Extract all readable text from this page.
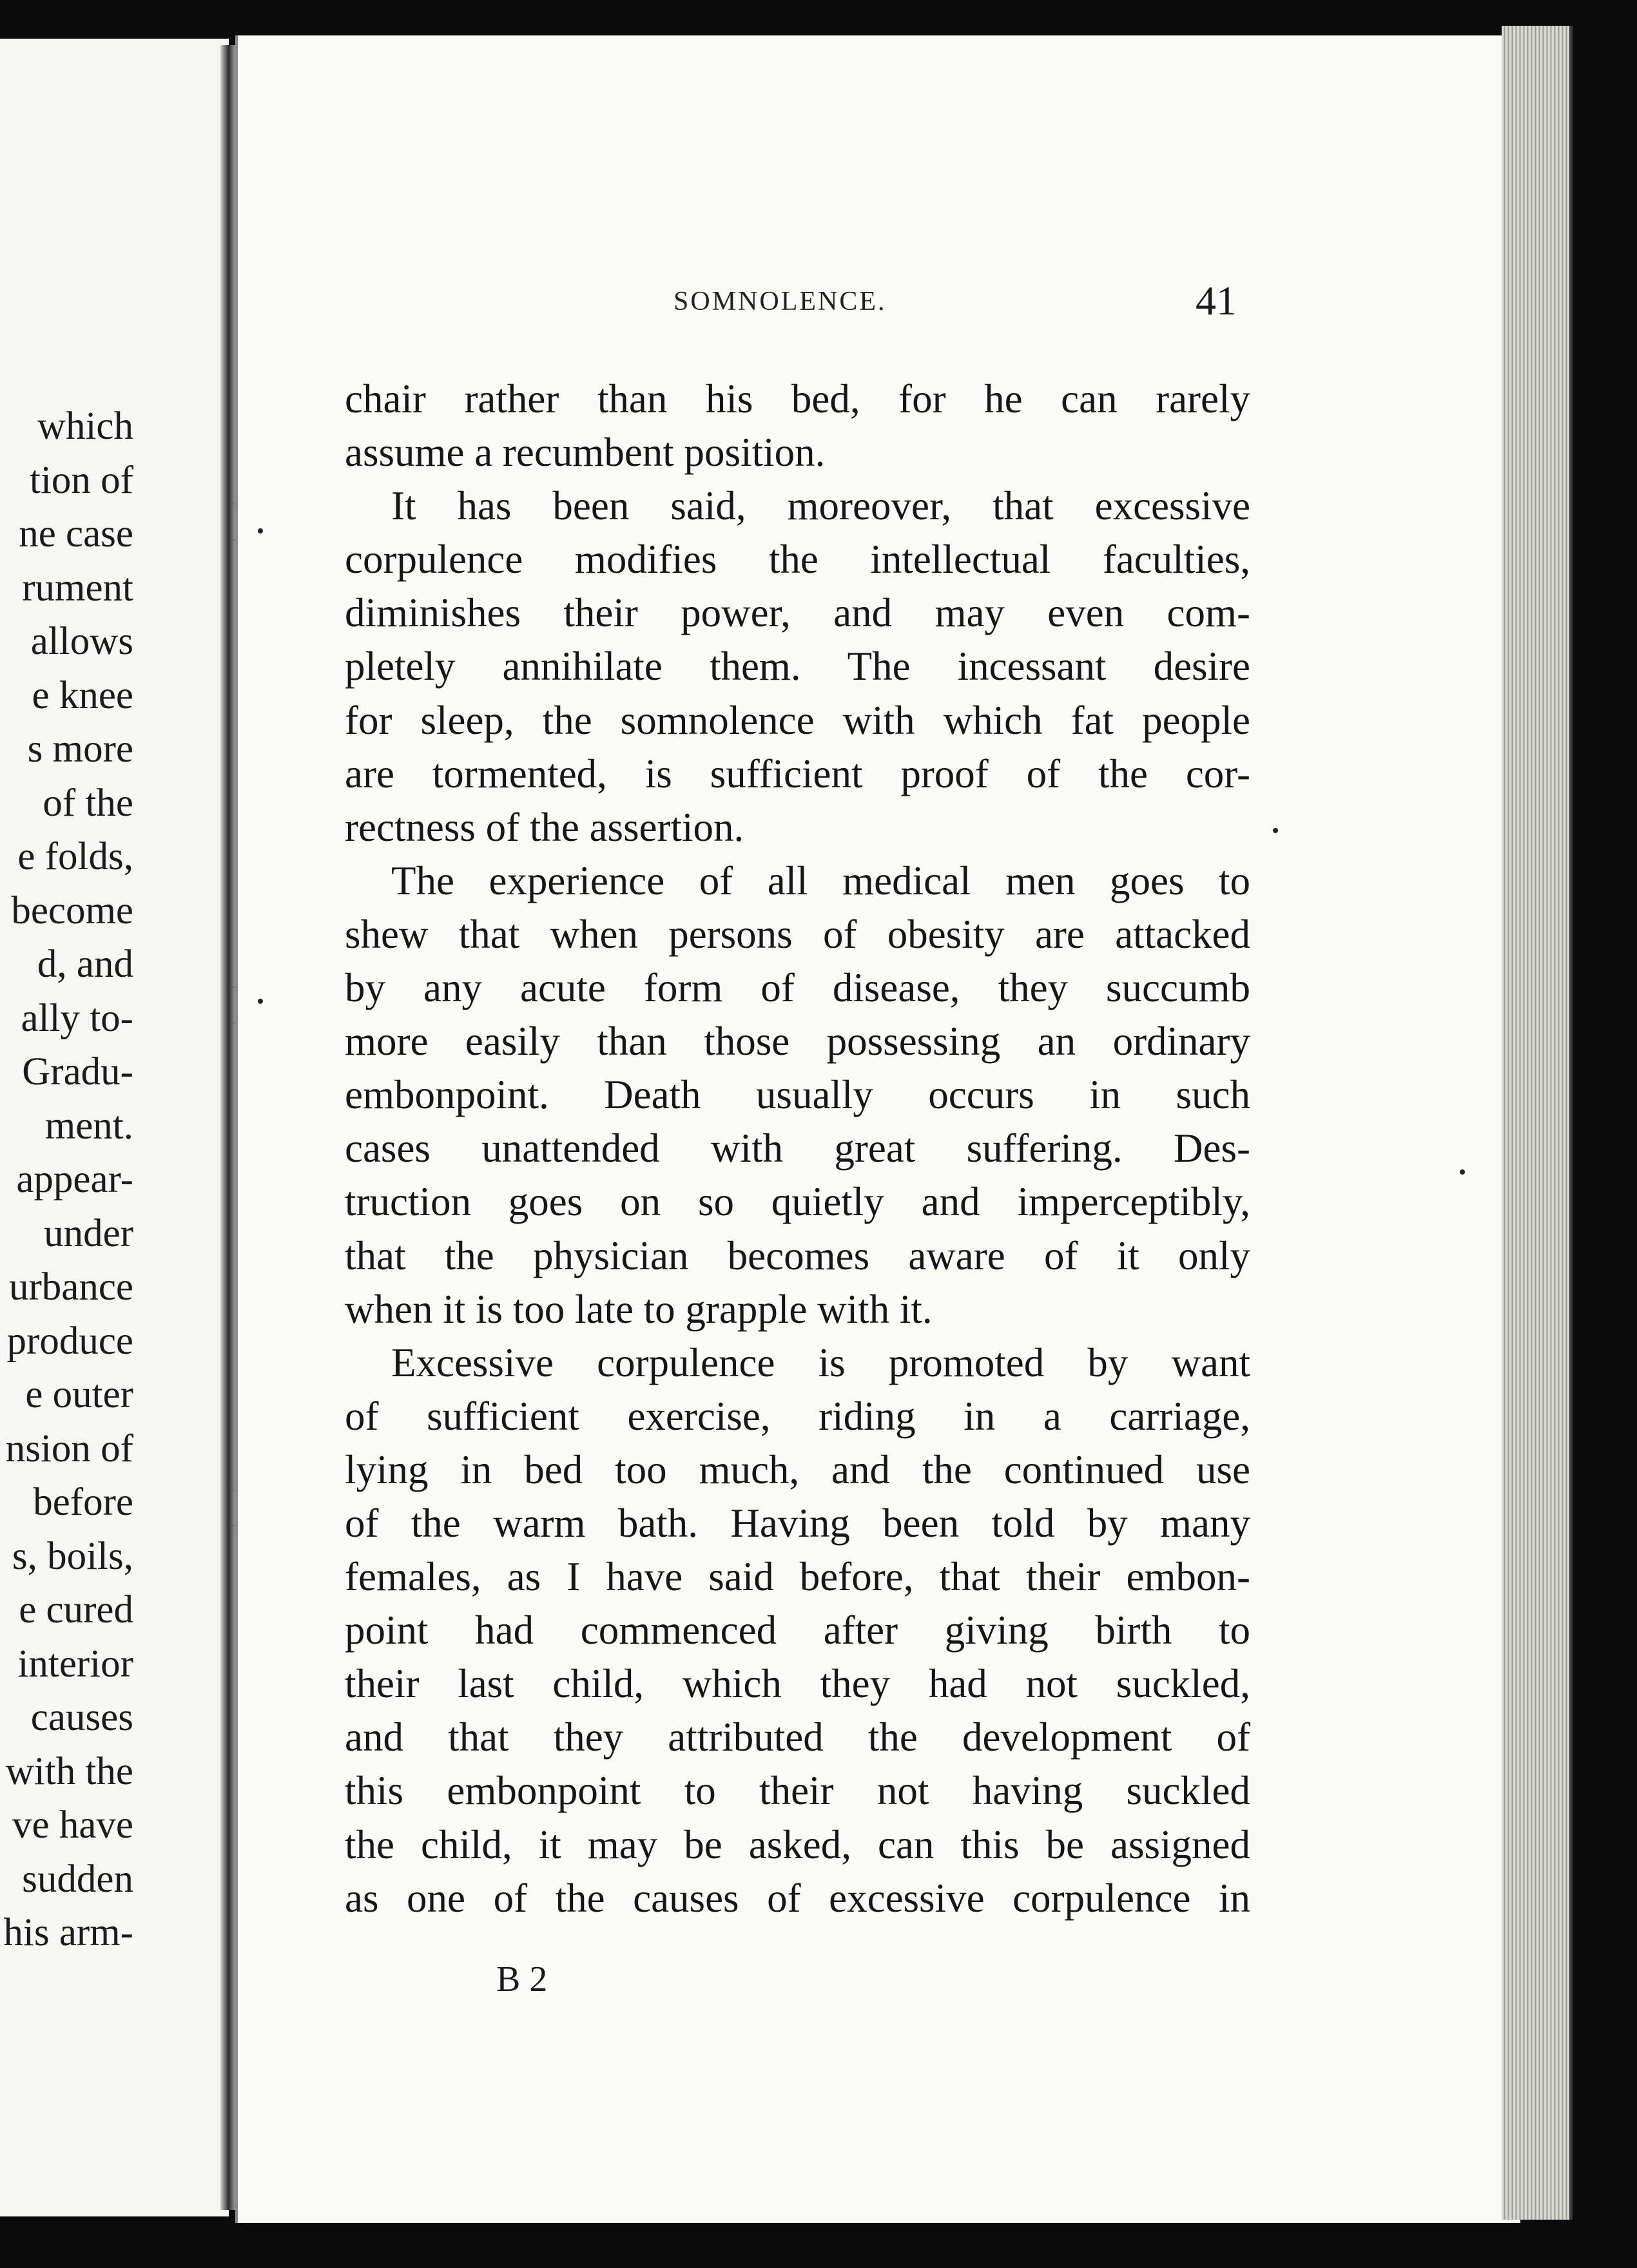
which
tion of
ne case
rument
allows
e knee
s more
of the
e folds,
become
d, and
ally to-
Gradu-
ment.
appear-
under
urbance
produce
e outer
nsion of
before
s, boils,
e cured
interior
causes
with the
ve have
sudden
his arm-
SOMNOLENCE.	41
chair rather than his bed, for he can rarely
assume a recumbent position.
It has been said, moreover, that excessive
corpulence modifies the intellectual faculties,
diminishes their power, and may even com-
pletely annihilate them. The incessant desire
for sleep, the somnolence with which fat people
are tormented, is sufficient proof of the cor-
rectness of the assertion.
The experience of all medical men goes to
shew that when persons of obesity are attacked
by any acute form of disease, they succumb
more easily than those possessing an ordinary
embonpoint. Death usually occurs in such
cases unattended with great suffering. Des-
truction goes on so quietly and imperceptibly,
that the physician becomes aware of it only
when it is too late to grapple with it.
Excessive corpulence is promoted by want
of sufficient exercise, riding in a carriage,
lying in bed too much, and the continued use
of the warm bath. Having been told by many
females, as I have said before, that their embon-
point had commenced after giving birth to
their last child, which they had not suckled,
and that they attributed the development of
this embonpoint to their not having suckled
the child, it may be asked, can this be assigned
as one of the causes of excessive corpulence in
B 2
